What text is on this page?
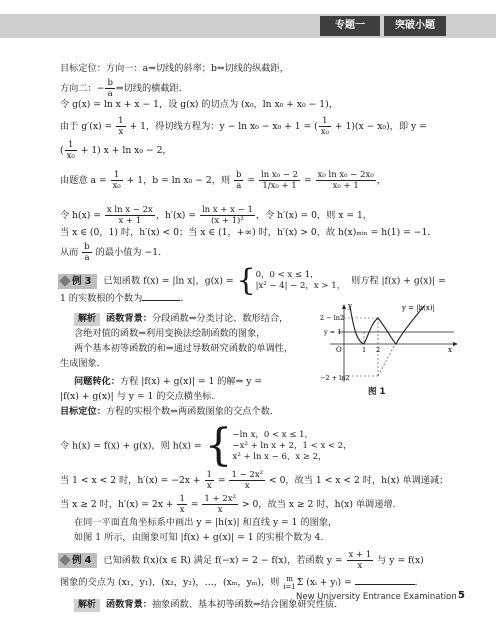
专题一	突破小题
目标定位：方向一：a⇒切线的斜率；b⇒切线的纵截距，
方向二：− $\frac{b}{a}$ ⇒切线的横截距.
令 g(x) = ln x + x − 1，设 g(x) 的切点为 (x₀，ln x₀ + x₀ − 1)，
由于 $g'(x) = \frac{1}{x} + 1$，得切线方程为：y − ln x₀ − x₀ + 1 = ( $\frac{1}{\text{x₀}} + 1)(x - x_0)$，即 y =
( $\frac{1}{\text{x₀}} + 1$) x + ln x₀ − 2，
由题意 $a = \frac{1}{\text{x₀}} + 1$，b = ln x₀ − 2，则 $\frac{b}{a} = \frac{\text{ln x₀ − 2}}{\text{1/x₀ + 1}} = \frac{\text{x₀ ln x₀ − 2x₀}}{\text{x₀ + 1}}$ ，
令 $h(x) = \frac{\text{x ln x − 2x}}{x + 1}$ ，$h'(x) = \frac{\text{ln x + x − 1}}{\text{(x + 1)²}}$ ，令 h′(x) = 0，则 x = 1，
当 x ∈ (0，1) 时，h′(x) < 0；当 x ∈ (1，+∞) 时，h′(x) > 0，故 h(x)ₘᵢₙ = h(1) = −1.
从而 $\frac{b}{a}$ 的最小值为 −1.
例 3 已知函数 f(x) = |ln x|，g(x) = { 0，0 < x ≤ 1，
|x² − 4| − 2，x > 1， 则方程 |f(x) + g(x)| =
1 的实数根的个数为	.
解析 函数背景：分段函数⇒分类讨论、数形结合，
含绝对值的函数⇒利用变换法绘制函数的图象，
两个基本初等函数的和⇒通过导数研究函数的单调性，
生成图象.
问题转化：方程 |f(x) + g(x)| = 1 的解⇒ y =
|f(x) + g(x)| 与 y = 1 的交点横坐标.
目标定位：方程的实根个数⇒两函数图象的交点个数.
令 h(x) = f(x) + g(x)，则 h(x) = { −ln x，0 < x ≤ 1，
−x² + ln x + 2，1 < x < 2，
x² + ln x − 6，x ≥ 2，
当 1 < x < 2 时，$h'(x) = -2x + \frac{1}{x} = \frac{\text{1 − 2x²}}{x} < 0$，故当 1 < x < 2 时，h(x) 单调递减；
当 x ≥ 2 时，$h'(x) = 2x + \frac{1}{x} = \frac{\text{1 + 2x²}}{x} > 0$，故当 x ≥ 2 时，h(x) 单调递增.
在同一平面直角坐标系中画出 y = |h(x)| 和直线 y = 1 的图象，
如图 1 所示，由图象可知 |f(x) + g(x)| = 1 的实根个数为 4.
例 4 已知函数 f(x)(x ∈ R) 满足 f(−x) = 2 − f(x)，若函数 $y = \frac{x + 1}{x}$ 与 y = f(x)
图象的交点为 (x₁，y₁)，(x₂，y₂)，…，(xₘ，yₘ)，则 m
i=1 Σ (xᵢ + yᵢ) =	.
解析 函数背景：抽象函数、基本初等函数⇒结合图象研究性质.
y	y = |h(x)|
2 − ln2
y = 1
−2 + ln2
O	1 2	x
图 1
New University Entrance Examination 5
